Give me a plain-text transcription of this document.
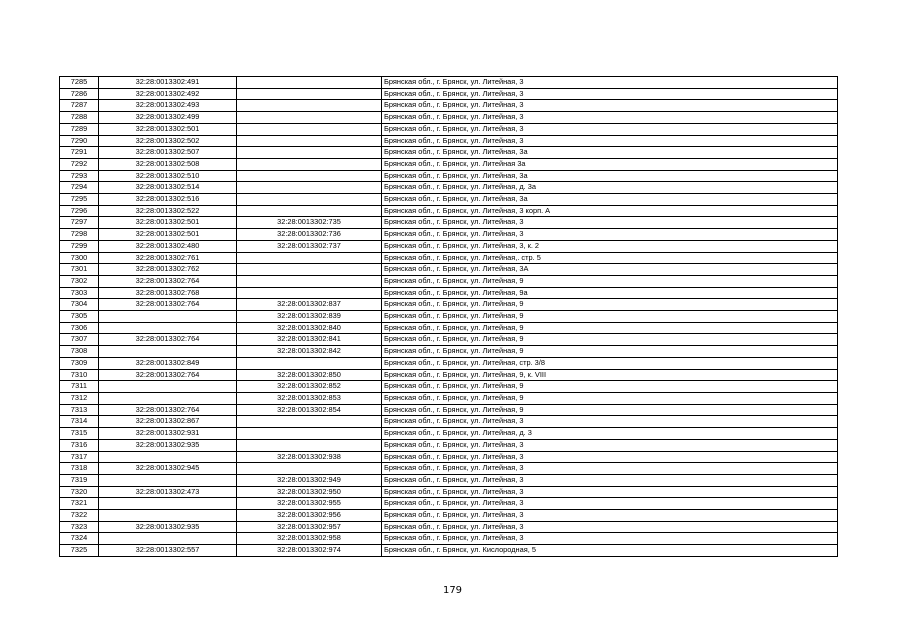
7285	32:28:0013302:491		Брянская обл., г. Брянск, ул. Литейная, 3
7286	32:28:0013302:492		Брянская обл., г. Брянск, ул. Литейная, 3
7287	32:28:0013302:493		Брянская обл., г. Брянск, ул. Литейная, 3
7288	32:28:0013302:499		Брянская обл., г. Брянск, ул. Литейная, 3
7289	32:28:0013302:501		Брянская обл., г. Брянск, ул. Литейная, 3
7290	32:28:0013302:502		Брянская обл., г. Брянск, ул. Литейная, 3
7291	32:28:0013302:507		Брянская обл., г. Брянск, ул. Литейная, 3а
7292	32:28:0013302:508		Брянская обл., г. Брянск, ул. Литейная 3а
7293	32:28:0013302:510		Брянская обл., г. Брянск, ул. Литейная, 3а
7294	32:28:0013302:514		Брянская обл., г. Брянск, ул. Литейная, д. 3а
7295	32:28:0013302:516		Брянская обл., г. Брянск, ул. Литейная, 3а
7296	32:28:0013302:522		Брянская обл., г. Брянск, ул. Литейная, 3 корп. А
7297	32:28:0013302:501	32:28:0013302:735	Брянская обл., г. Брянск, ул. Литейная, 3
7298	32:28:0013302:501	32:28:0013302:736	Брянская обл., г. Брянск, ул. Литейная, 3
7299	32:28:0013302:480	32:28:0013302:737	Брянская обл., г. Брянск, ул. Литейная, 3, к. 2
7300	32:28:0013302:761		Брянская обл., г. Брянск, ул. Литейная,. стр. 5
7301	32:28:0013302:762		Брянская обл., г. Брянск, ул. Литейная, 3А
7302	32:28:0013302:764		Брянская обл., г. Брянск, ул. Литейная, 9
7303	32:28:0013302:768		Брянская обл., г. Брянск, ул. Литейная, 9а
7304	32:28:0013302:764	32:28:0013302:837	Брянская обл., г. Брянск, ул. Литейная, 9
7305		32:28:0013302:839	Брянская обл., г. Брянск, ул. Литейная, 9
7306		32:28:0013302:840	Брянская обл., г. Брянск, ул. Литейная, 9
7307	32:28:0013302:764	32:28:0013302:841	Брянская обл., г. Брянск, ул. Литейная, 9
7308		32:28:0013302:842	Брянская обл., г. Брянск, ул. Литейная, 9
7309	32:28:0013302:849		Брянская обл., г. Брянск, ул. Литейная, стр. 3/8
7310	32:28:0013302:764	32:28:0013302:850	Брянская обл., г. Брянск, ул. Литейная, 9, к. VIII
7311		32:28:0013302:852	Брянская обл., г. Брянск, ул. Литейная, 9
7312		32:28:0013302:853	Брянская обл., г. Брянск, ул. Литейная, 9
7313	32:28:0013302:764	32:28:0013302:854	Брянская обл., г. Брянск, ул. Литейная, 9
7314	32:28:0013302:867		Брянская обл., г. Брянск, ул. Литейная, 3
7315	32:28:0013302:931		Брянская обл., г. Брянск, ул. Литейная, д. 3
7316	32:28:0013302:935		Брянская обл., г. Брянск, ул. Литейная, 3
7317		32:28:0013302:938	Брянская обл., г. Брянск, ул. Литейная, 3
7318	32:28:0013302:945		Брянская обл., г. Брянск, ул. Литейная, 3
7319		32:28:0013302:949	Брянская обл., г. Брянск, ул. Литейная, 3
7320	32:28:0013302:473	32:28:0013302:950	Брянская обл., г. Брянск, ул. Литейная, 3
7321		32:28:0013302:955	Брянская обл., г. Брянск, ул. Литейная, 3
7322		32:28:0013302:956	Брянская обл., г. Брянск, ул. Литейная, 3
7323	32:28:0013302:935	32:28:0013302:957	Брянская обл., г. Брянск, ул. Литейная, 3
7324		32:28:0013302:958	Брянская обл., г. Брянск, ул. Литейная, 3
7325	32:28:0013302:557	32:28:0013302:974	Брянская обл., г. Брянск, ул. Кислородная, 5
179
